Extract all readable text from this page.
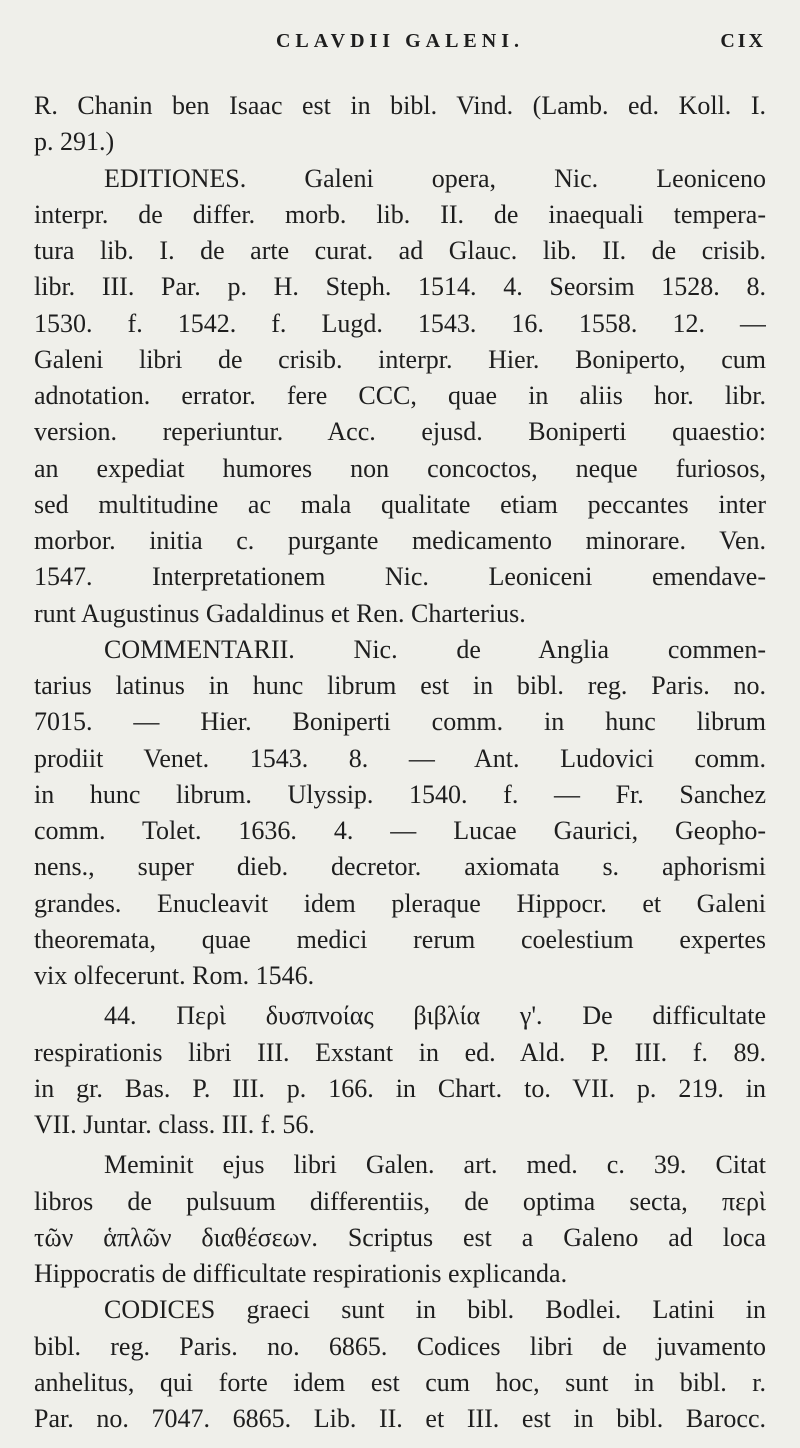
CLAVDII GALENI.	CIX
R. Chanin ben Isaac est in bibl. Vind. (Lamb. ed. Koll. I.
p. 291.)
EDITIONES. Galeni opera, Nic. Leoniceno
interpr. de differ. morb. lib. II. de inaequali tempera-
tura lib. I. de arte curat. ad Glauc. lib. II. de crisib.
libr. III. Par. p. H. Steph. 1514. 4. Seorsim 1528. 8.
1530. f. 1542. f. Lugd. 1543. 16. 1558. 12. —
Galeni libri de crisib. interpr. Hier. Boniperto, cum
adnotation. errator. fere CCC, quae in aliis hor. libr.
version. reperiuntur. Acc. ejusd. Boniperti quaestio:
an expediat humores non concoctos, neque furiosos,
sed multitudine ac mala qualitate etiam peccantes inter
morbor. initia c. purgante medicamento minorare. Ven.
1547. Interpretationem Nic. Leoniceni emendave-
runt Augustinus Gadaldinus et Ren. Charterius.
COMMENTARII. Nic. de Anglia commen-
tarius latinus in hunc librum est in bibl. reg. Paris. no.
7015. — Hier. Boniperti comm. in hunc librum
prodiit Venet. 1543. 8. — Ant. Ludovici comm.
in hunc librum. Ulyssip. 1540. f. — Fr. Sanchez
comm. Tolet. 1636. 4. — Lucae Gaurici, Geopho-
nens., super dieb. decretor. axiomata s. aphorismi
grandes. Enucleavit idem pleraque Hippocr. et Galeni
theoremata, quae medici rerum coelestium expertes
vix olfecerunt. Rom. 1546.
44. Περὶ δυσπνοίας βιβλία γ'. De difficultate
respirationis libri III. Exstant in ed. Ald. P. III. f. 89.
in gr. Bas. P. III. p. 166. in Chart. to. VII. p. 219. in
VII. Juntar. class. III. f. 56.
Meminit ejus libri Galen. art. med. c. 39. Citat
libros de pulsuum differentiis, de optima secta, περὶ
τῶν ἁπλῶν διαθέσεων. Scriptus est a Galeno ad loca
Hippocratis de difficultate respirationis explicanda.
CODICES graeci sunt in bibl. Bodlei. Latini in
bibl. reg. Paris. no. 6865. Codices libri de juvamento
anhelitus, qui forte idem est cum hoc, sunt in bibl. r.
Par. no. 7047. 6865. Lib. II. et III. est in bibl. Barocc.
